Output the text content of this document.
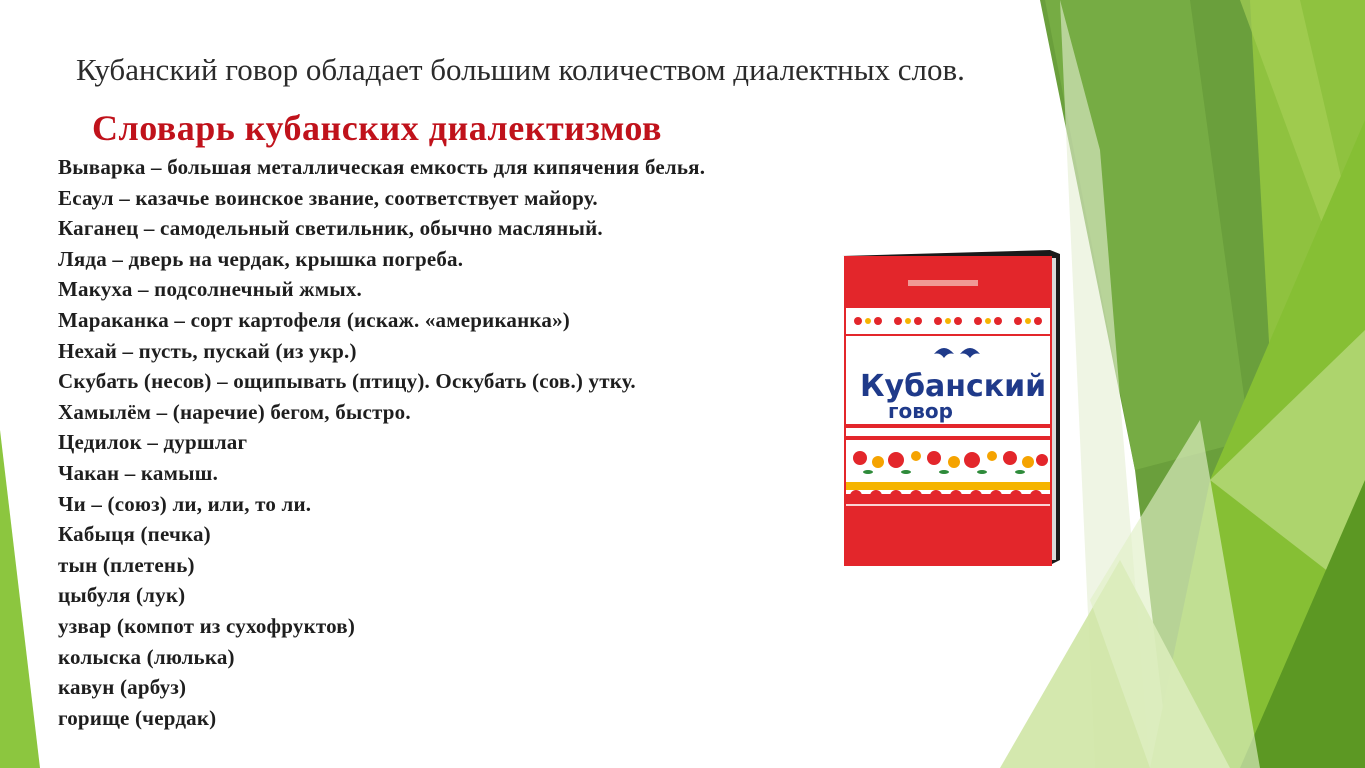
Кубанский говор обладает большим количеством диалектных слов.
Словарь кубанских диалектизмов
Выварка – большая металлическая емкость для кипячения белья.
Есаул – казачье воинское звание, соответствует майору.
Каганец – самодельный светильник, обычно масляный.
Ляда – дверь на чердак, крышка погреба.
Макуха – подсолнечный жмых.
Мараканка – сорт картофеля (искаж. «американка»)
Нехай – пусть, пускай (из укр.)
Скубать (несов) – ощипывать (птицу). Оскубать (сов.) утку.
Хамылём – (наречие) бегом, быстро.
Цедилок – дуршлаг
Чакан – камыш.
Чи – (союз) ли, или, то ли.
Кабыця (печка)
тын (плетень)
цыбуля (лук)
узвар (компот из сухофруктов)
колыска (люлька)
кавун (арбуз)
горище (чердак)
Кубанский
говор
